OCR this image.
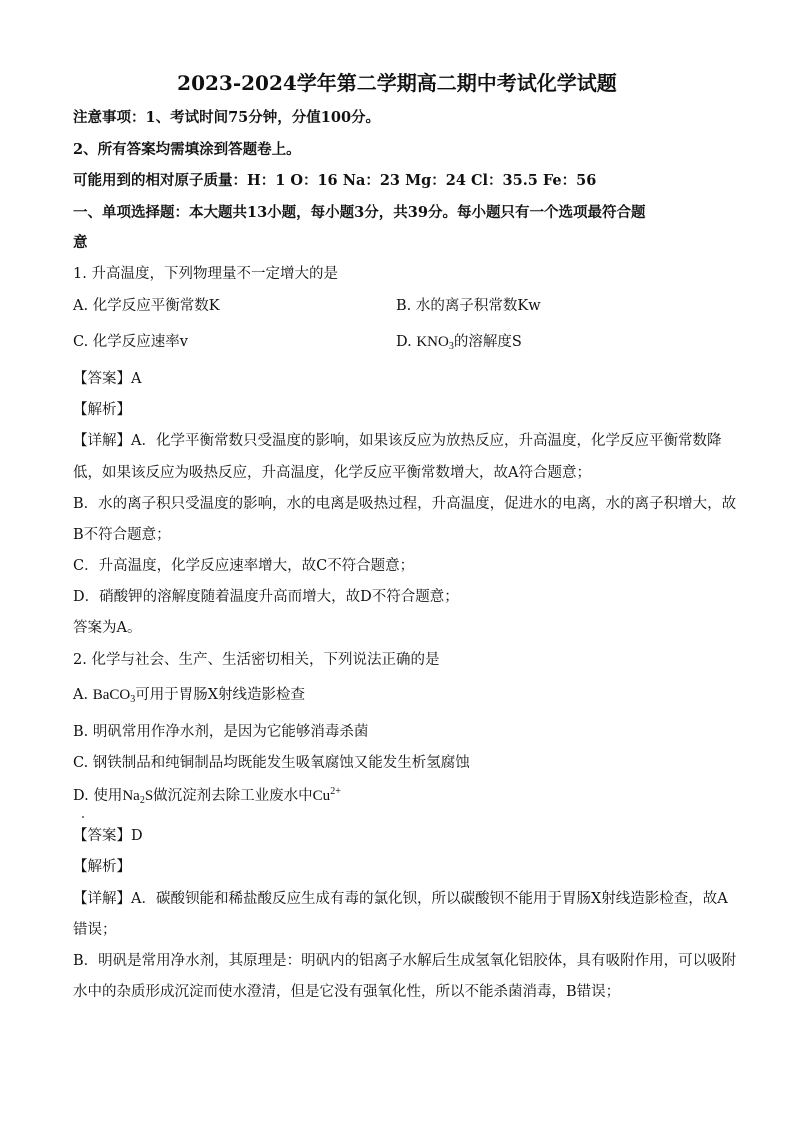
2023-2024学年第二学期高二期中考试化学试题
注意事项：1、考试时间75分钟，分值100分。
2、所有答案均需填涂到答题卷上。
可能用到的相对原子质量：H：1 O：16 Na：23 Mg：24 Cl：35.5 Fe：56
一、单项选择题：本大题共13小题，每小题3分，共39分。每小题只有一个选项最符合题
意
1. 升高温度，下列物理量不一定增大的是
A. 化学反应平衡常数K	B. 水的离子积常数Kw
C. 化学反应速率v	D. $KNO_3$的溶解度S
【答案】A
【解析】
【详解】A．化学平衡常数只受温度的影响，如果该反应为放热反应，升高温度，化学反应平衡常数降
低，如果该反应为吸热反应，升高温度，化学反应平衡常数增大，故A符合题意；
B．水的离子积只受温度的影响，水的电离是吸热过程，升高温度，促进水的电离，水的离子积增大，故
B不符合题意；
C．升高温度，化学反应速率增大，故C不符合题意；
D．硝酸钾的溶解度随着温度升高而增大，故D不符合题意；
答案为A。
2. 化学与社会、生产、生活密切相关，下列说法正确的是
A. BaCO$_3$可用于胃肠X射线造影检查
B. 明矾常用作净水剂，是因为它能够消毒杀菌
C. 钢铁制品和纯铜制品均既能发生吸氧腐蚀又能发生析氢腐蚀
D. 使用$Na_2S$做沉淀剂去除工业废水中$Cu^{2+}$
【答案】D
【解析】
【详解】A．碳酸钡能和稀盐酸反应生成有毒的氯化钡，所以碳酸钡不能用于胃肠X射线造影检查，故A
错误；
B．明矾是常用净水剂，其原理是：明矾内的铝离子水解后生成氢氧化铝胶体，具有吸附作用，可以吸附
水中的杂质形成沉淀而使水澄清，但是它没有强氧化性，所以不能杀菌消毒，B错误；
